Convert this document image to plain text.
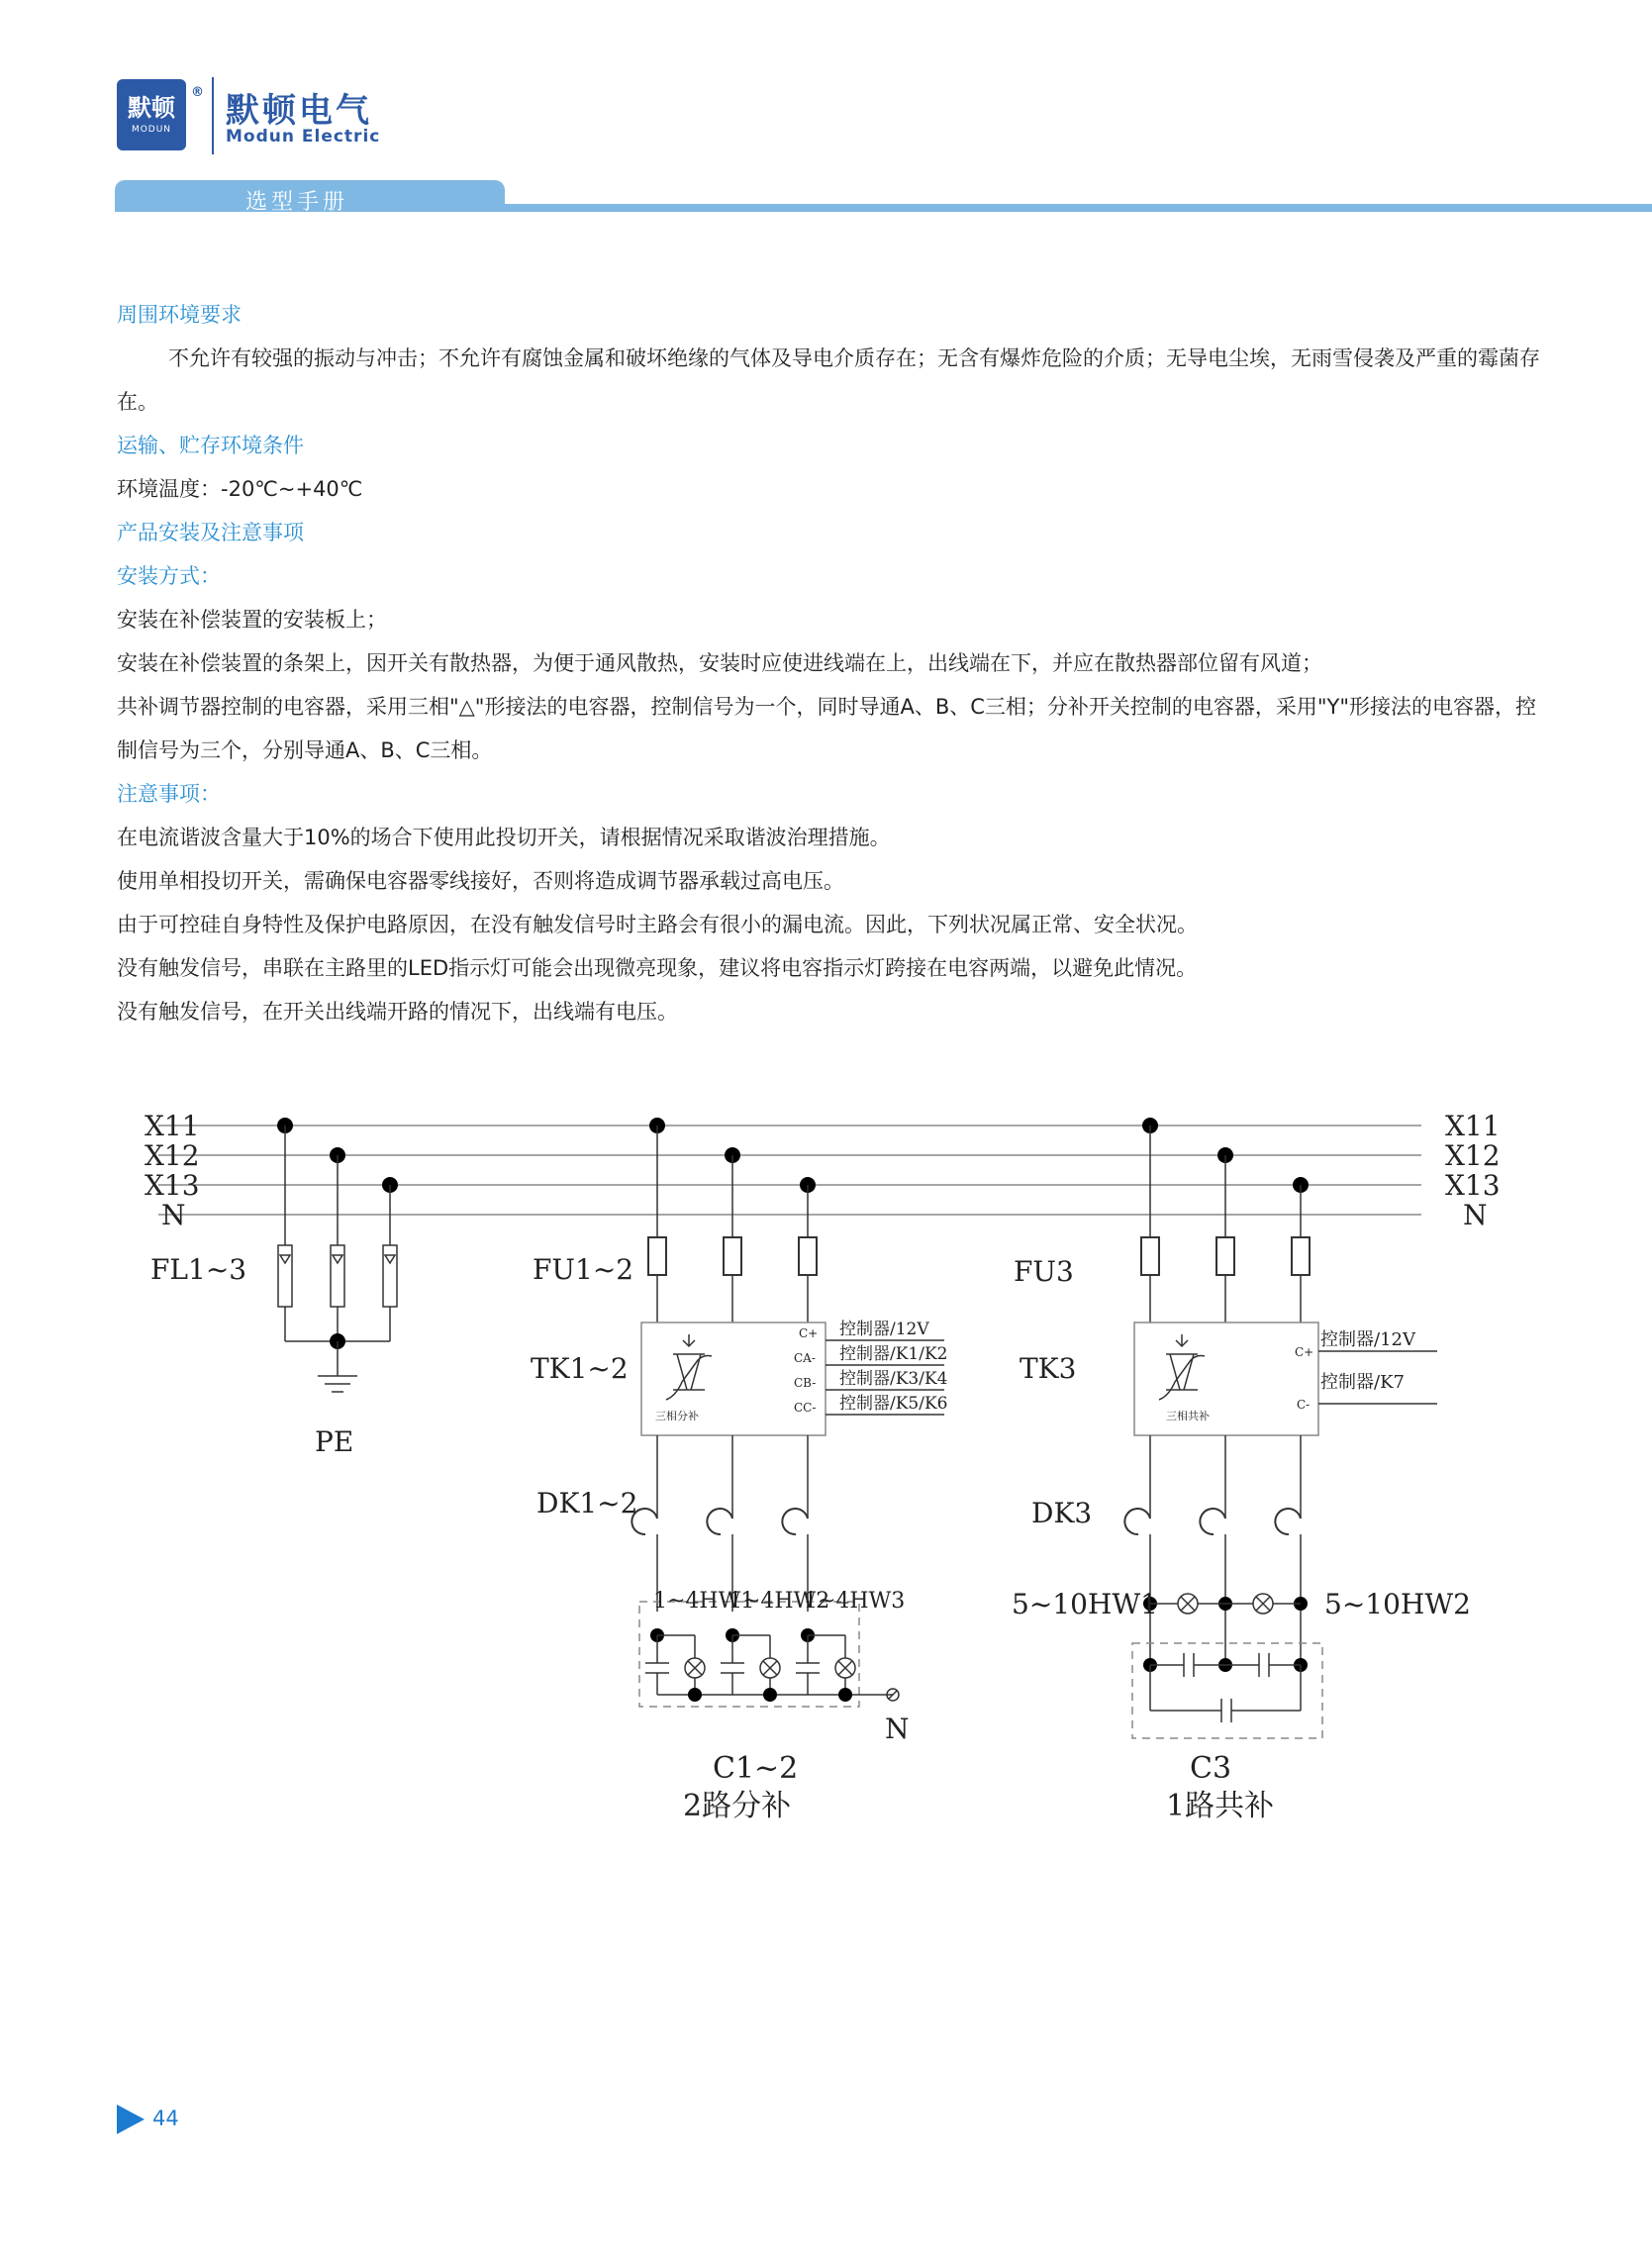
默顿
MODUN
® 默顿电气
Modun Electric
选型手册

周围环境要求

不允许有较强的振动与冲击；不允许有腐蚀金属和破坏绝缘的气体及导电介质存在；无含有爆炸危险的介质；无导电尘埃，无雨雪侵袭及严重的霉菌存在。

运输、贮存环境条件

环境温度：-20℃~+40℃

产品安装及注意事项

安装方式：

安装在补偿装置的安装板上；

安装在补偿装置的条架上，因开关有散热器，为便于通风散热，安装时应使进线端在上，出线端在下，并应在散热器部位留有风道；

共补调节器控制的电容器，采用三相"△"形接法的电容器，控制信号为一个，同时导通A、B、C三相；分补开关控制的电容器，采用"Y"形接法的电容器，控制信号为三个，分别导通A、B、C三相。

注意事项：

在电流谐波含量大于10%的场合下使用此投切开关，请根据情况采取谐波治理措施。

使用单相投切开关，需确保电容器零线接好，否则将造成调节器承载过高电压。

由于可控硅自身特性及保护电路原因，在没有触发信号时主路会有很小的漏电流。因此，下列状况属正常、安全状况。

没有触发信号，串联在主路里的LED指示灯可能会出现微亮现象，建议将电容指示灯跨接在电容两端，以避免此情况。

没有触发信号，在开关出线端开路的情况下，出线端有电压。

X11
X12
X13
N
X11
X12
X13
N
FL1~3
PE
FU1~2
TK1~2
三相分补
C+
CA-
CB-
CC-
控制器/12V
控制器/K1/K2
控制器/K3/K4
控制器/K5/K6
DK1~2
1~4HW1
1~4HW2
1~4HW3
N
C1~2
2路分补
FU3
TK3
三相共补
C+
C-
控制器/12V
控制器/K7
DK3
5~10HW1	5~10HW2
C3
1路共补
44
